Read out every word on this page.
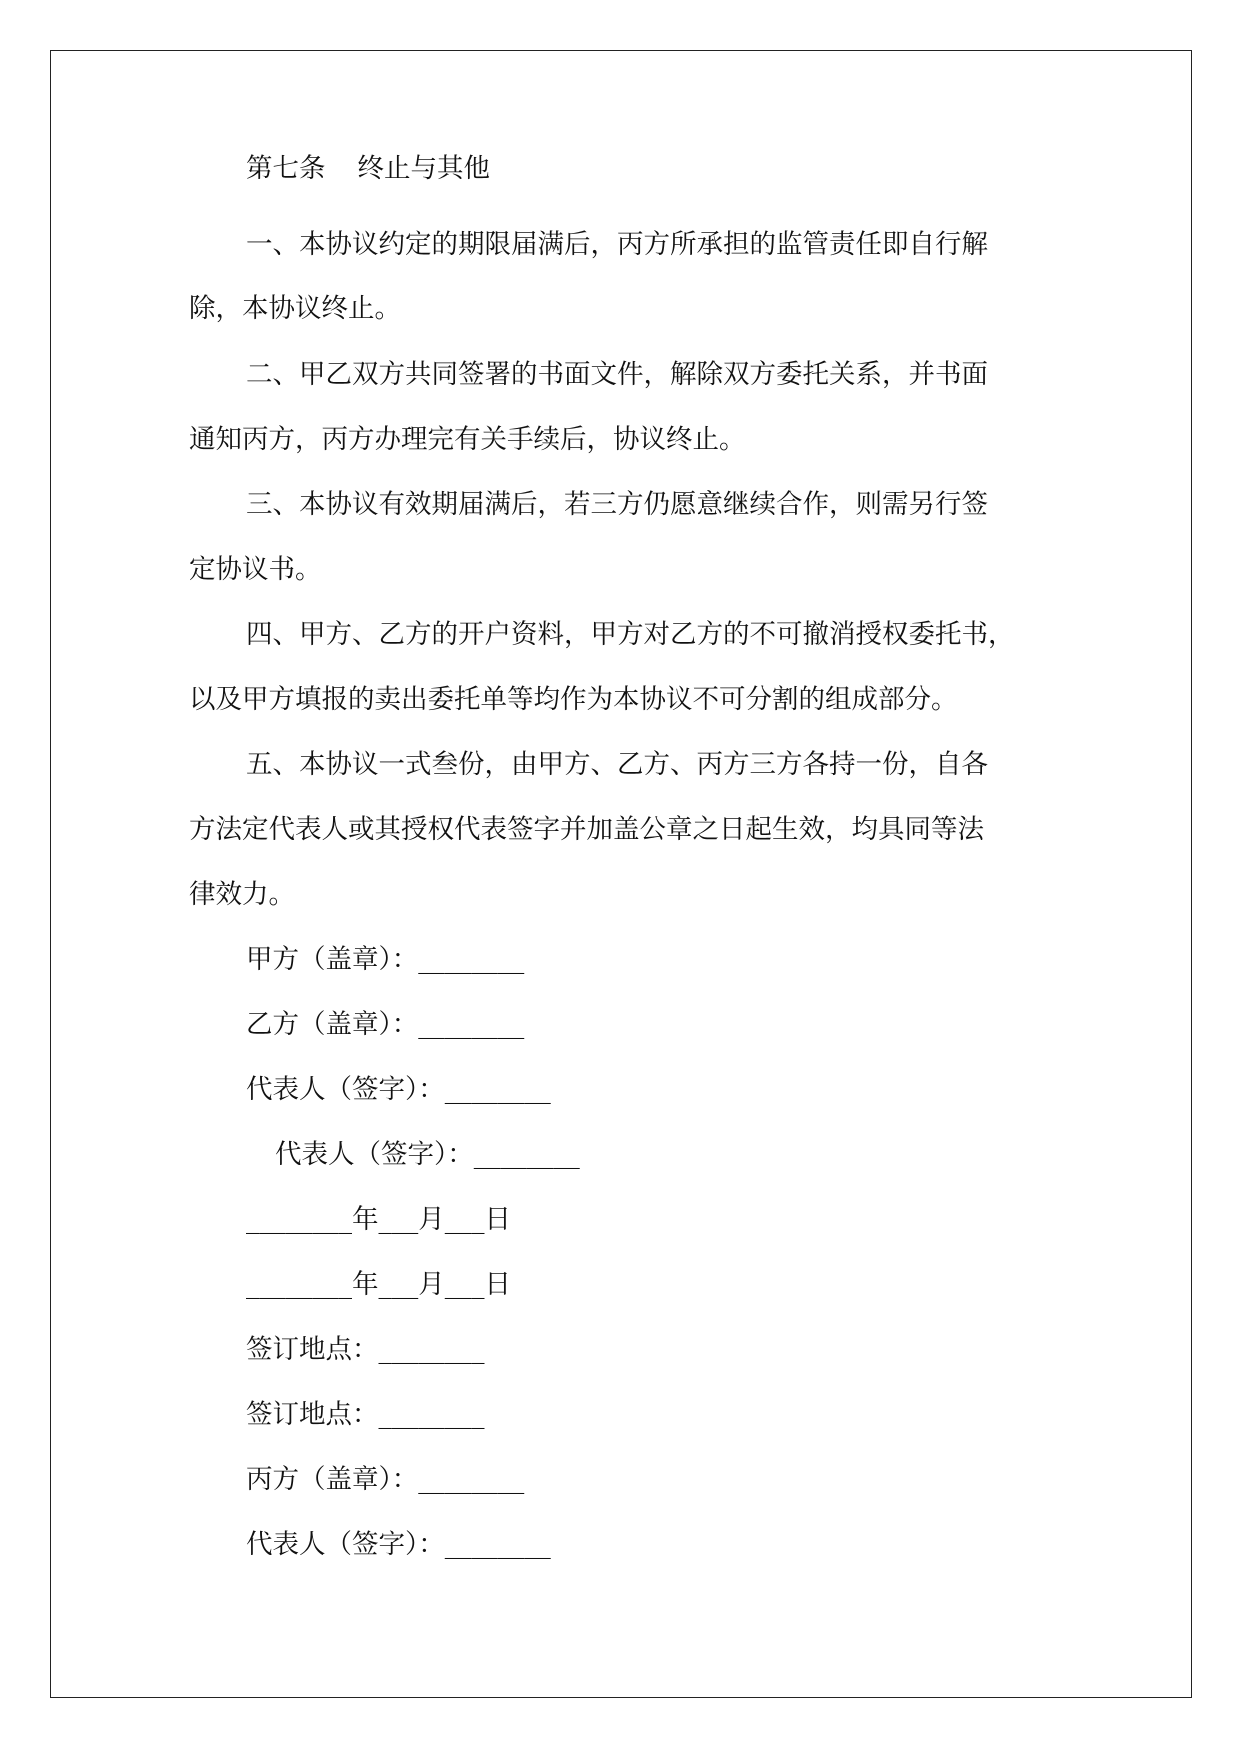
第七条 终止与其他
一、本协议约定的期限届满后，丙方所承担的监管责任即自行解
除，本协议终止。
二、甲乙双方共同签署的书面文件，解除双方委托关系，并书面
通知丙方，丙方办理完有关手续后，协议终止。
三、本协议有效期届满后，若三方仍愿意继续合作，则需另行签
定协议书。
四、甲方、乙方的开户资料，甲方对乙方的不可撤消授权委托书，
以及甲方填报的卖出委托单等均作为本协议不可分割的组成部分。
五、本协议一式叁份，由甲方、乙方、丙方三方各持一份，自各
方法定代表人或其授权代表签字并加盖公章之日起生效，均具同等法
律效力。
甲方（盖章）：________
乙方（盖章）：________
代表人（签字）：________
代表人（签字）：________
________年___月___日
________年___月___日
签订地点：________
签订地点：________
丙方（盖章）：________
代表人（签字）：________
